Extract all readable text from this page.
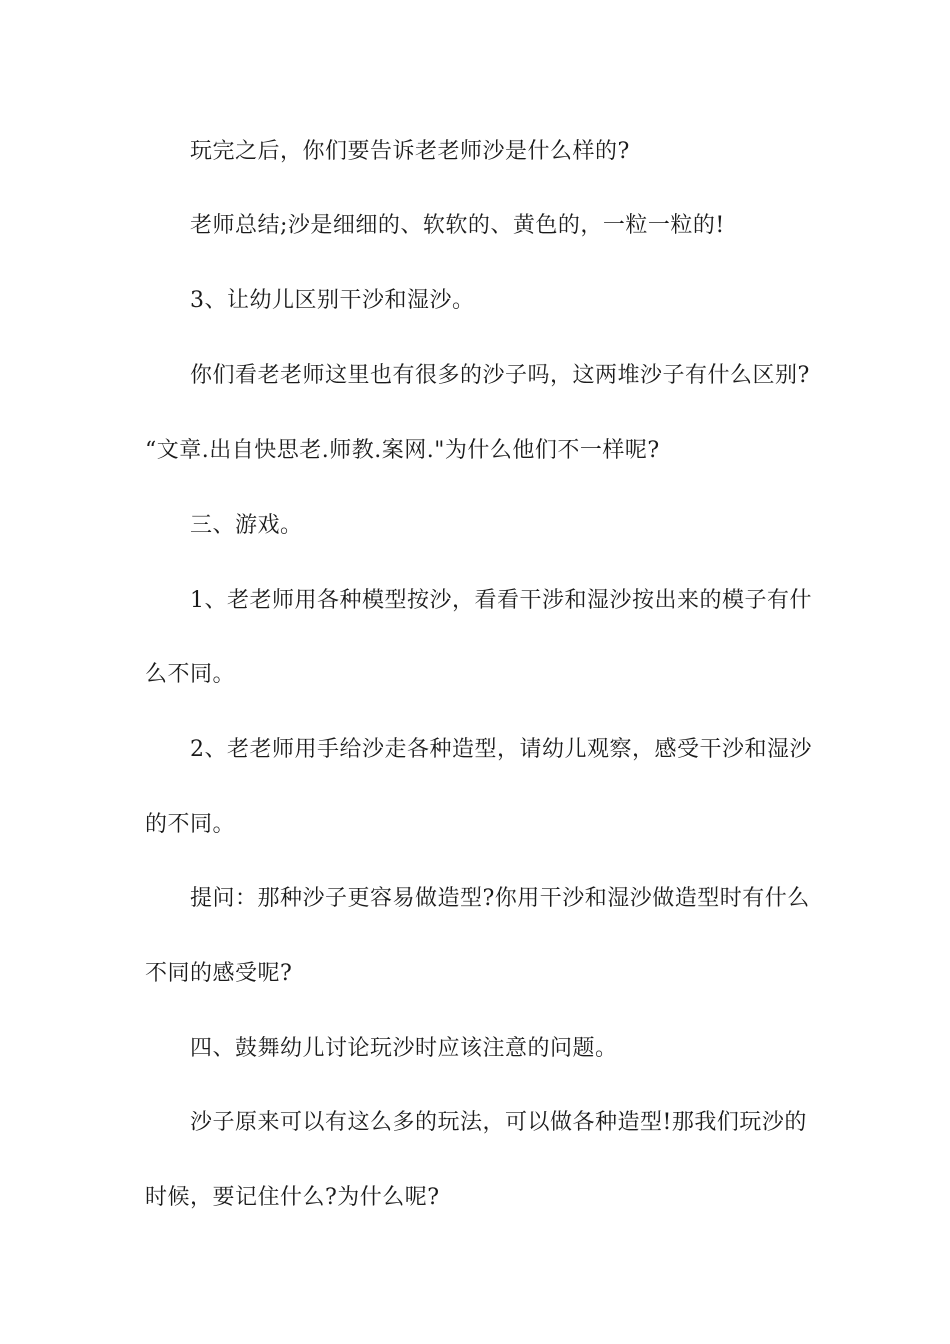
玩完之后，你们要告诉老老师沙是什么样的?
老师总结;沙是细细的、软软的、黄色的，一粒一粒的!
3、让幼儿区别干沙和湿沙。
你们看老老师这里也有很多的沙子吗，这两堆沙子有什么区别?
“文章.出自快思老.师教.案网."为什么他们不一样呢?
三、游戏。
1、老老师用各种模型按沙，看看干涉和湿沙按出来的模子有什
么不同。
2、老老师用手给沙走各种造型，请幼儿观察，感受干沙和湿沙
的不同。
提问：那种沙子更容易做造型?你用干沙和湿沙做造型时有什么
不同的感受呢?
四、鼓舞幼儿讨论玩沙时应该注意的问题。
沙子原来可以有这么多的玩法，可以做各种造型!那我们玩沙的
时候，要记住什么?为什么呢?
